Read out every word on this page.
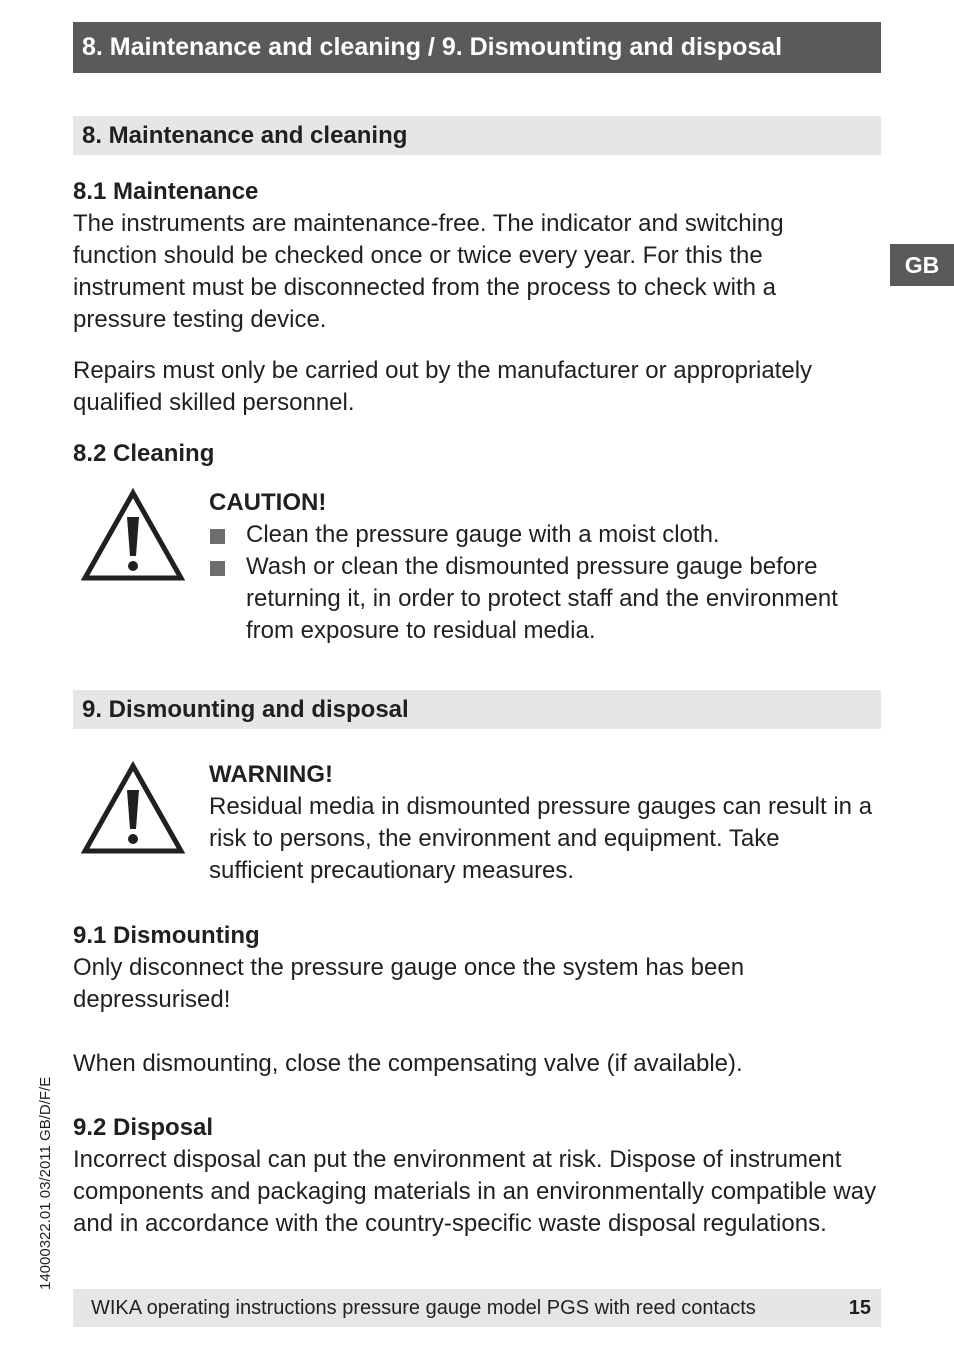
8. Maintenance and cleaning / 9. Dismounting and disposal
GB
8. Maintenance and cleaning
8.1 Maintenance

The instruments are maintenance-free. The indicator and switching function should be checked once or twice every year. For this the instrument must be disconnected from the process to check with a pressure testing device.

Repairs must only be carried out by the manufacturer or appropriately qualified skilled personnel.

8.2 Cleaning
CAUTION!
Clean the pressure gauge with a moist cloth.
Wash or clean the dismounted pressure gauge before returning it, in order to protect staff and the environment from exposure to residual media.
9. Dismounting and disposal
WARNING!

Residual media in dismounted pressure gauges can result in a risk to persons, the environment and equipment. Take sufficient precautionary measures.

9.1 Dismounting

Only disconnect the pressure gauge once the system has been depressurised!

When dismounting, close the compensating valve (if available).

9.2 Disposal

Incorrect disposal can put the environment at risk. Dispose of instrument components and packaging materials in an environmentally compatible way and in accordance with the country-specific waste disposal regulations.

WIKA operating instructions pressure gauge model PGS with reed contacts	15
14000322.01 03/2011 GB/D/F/E
